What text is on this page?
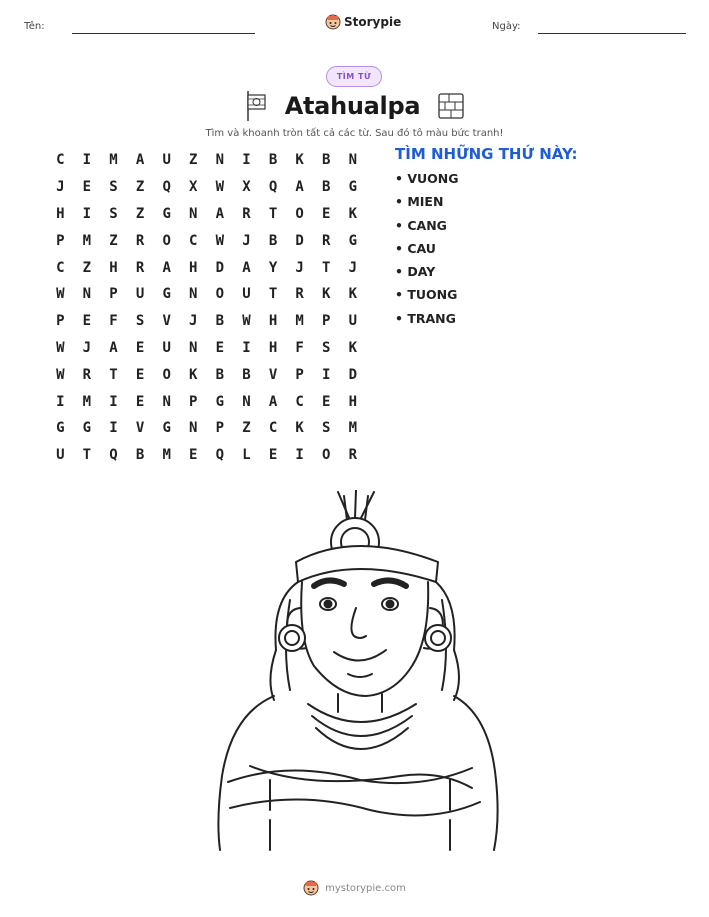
Tên:	Storypie	Ngày:
TÌM TỪ
Atahualpa
Tìm và khoanh tròn tất cả các từ. Sau đó tô màu bức tranh!
C	I	M	A	U	Z	N	I	B	K	B	N
J	E	S	Z	Q	X	W	X	Q	A	B	G
H	I	S	Z	G	N	A	R	T	O	E	K
P	M	Z	R	O	C	W	J	B	D	R	G
C	Z	H	R	A	H	D	A	Y	J	T	J
W	N	P	U	G	N	O	U	T	R	K	K
P	E	F	S	V	J	B	W	H	M	P	U
W	J	A	E	U	N	E	I	H	F	S	K
W	R	T	E	O	K	B	B	V	P	I	D
I	M	I	E	N	P	G	N	A	C	E	H
G	G	I	V	G	N	P	Z	C	K	S	M
U	T	Q	B	M	E	Q	L	E	I	O	R
TÌM NHỮNG THỨ NÀY:
• VUONG
• MIEN
• CANG
• CAU
• DAY
• TUONG
• TRANG
mystorypie.com
